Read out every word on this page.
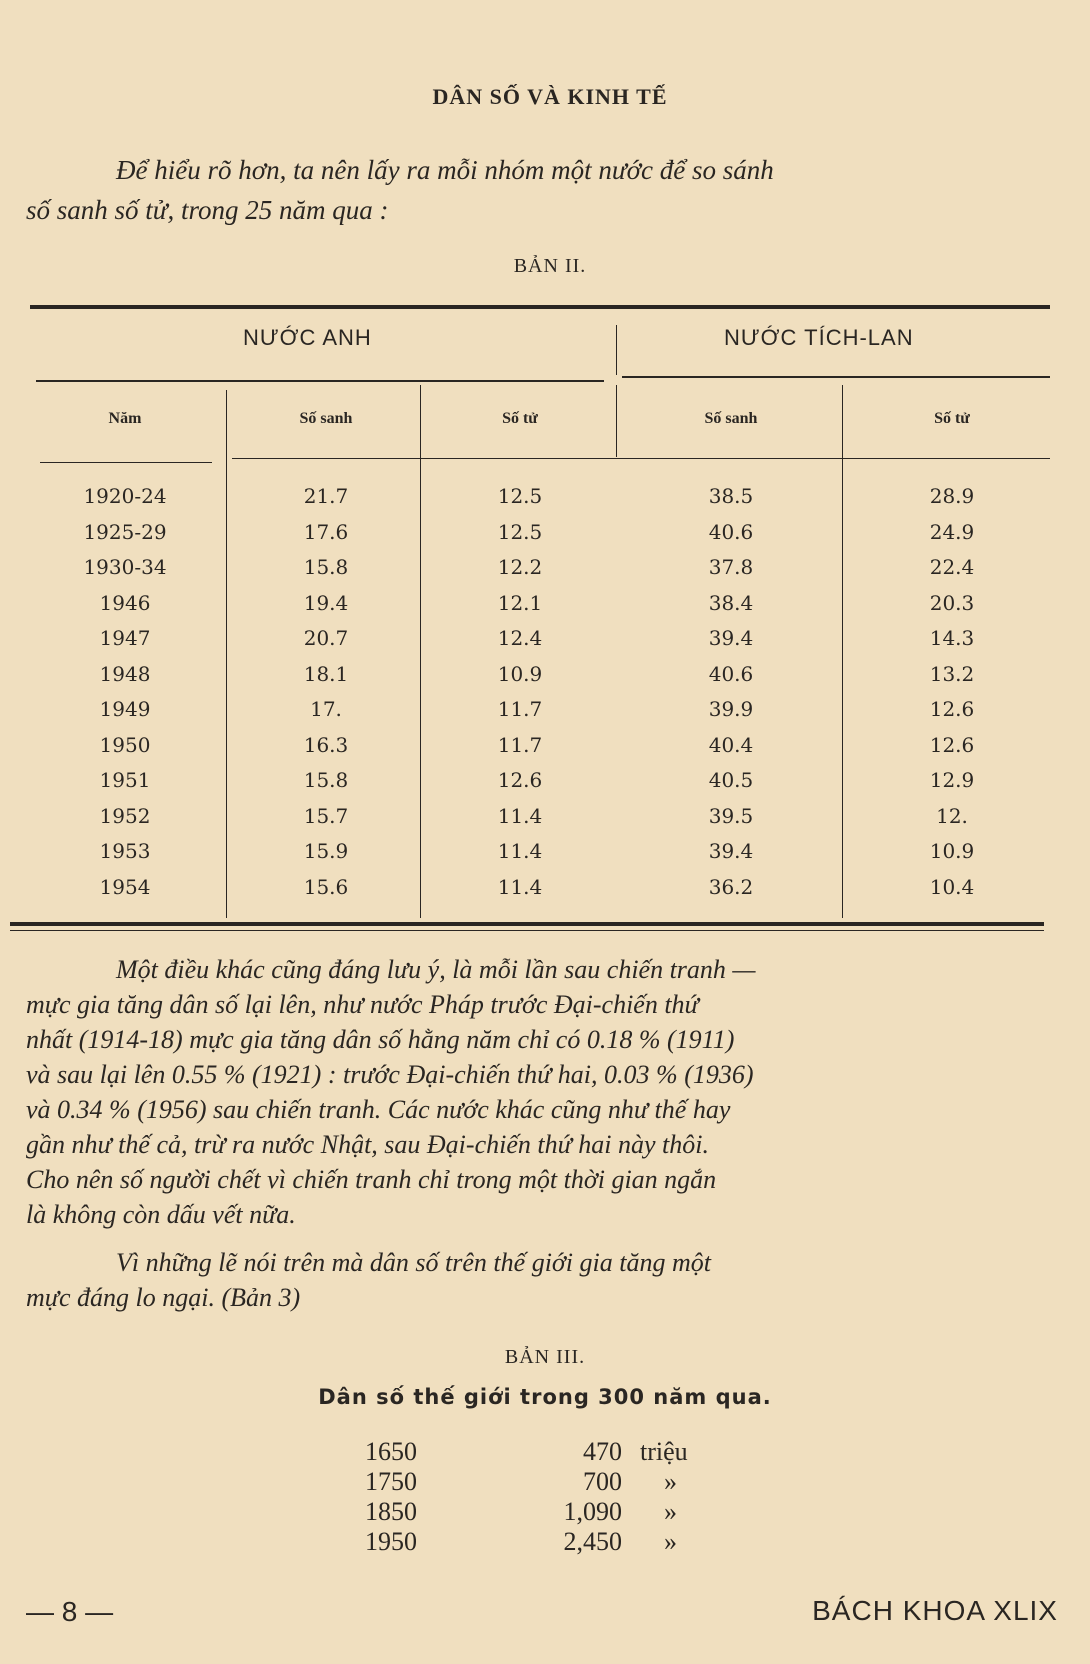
DÂN SỐ VÀ KINH TẾ
Để hiểu rõ hơn, ta nên lấy ra mỗi nhóm một nước để so sánh
số sanh số tử, trong 25 năm qua :
BẢN II.
NƯỚC ANH	NƯỚC TÍCH-LAN
Năm	Số sanh	Số tử	Số sanh	Số tử
1920-24	21.7	12.5	38.5	28.9
1925-29	17.6	12.5	40.6	24.9
1930-34	15.8	12.2	37.8	22.4
1946	19.4	12.1	38.4	20.3
1947	20.7	12.4	39.4	14.3
1948	18.1	10.9	40.6	13.2
1949	17.	11.7	39.9	12.6
1950	16.3	11.7	40.4	12.6
1951	15.8	12.6	40.5	12.9
1952	15.7	11.4	39.5	12.
1953	15.9	11.4	39.4	10.9
1954	15.6	11.4	36.2	10.4
Một điều khác cũng đáng lưu ý, là mỗi lần sau chiến tranh —
mực gia tăng dân số lại lên, như nước Pháp trước Đại-chiến thứ
nhất (1914-18) mực gia tăng dân số hằng năm chỉ có 0.18 % (1911)
và sau lại lên 0.55 % (1921) : trước Đại-chiến thứ hai, 0.03 % (1936)
và 0.34 % (1956) sau chiến tranh. Các nước khác cũng như thế hay
gần như thế cả, trừ ra nước Nhật, sau Đại-chiến thứ hai này thôi.
Cho nên số người chết vì chiến tranh chỉ trong một thời gian ngắn
là không còn dấu vết nữa.
Vì những lẽ nói trên mà dân số trên thế giới gia tăng một
mực đáng lo ngại. (Bản 3)
BẢN III.
Dân số thế giới trong 300 năm qua.
1650	470 triệu
1750	700 »
1850	1,090 »
1950	2,450 »
— 8 —	BÁCH KHOA XLIX
